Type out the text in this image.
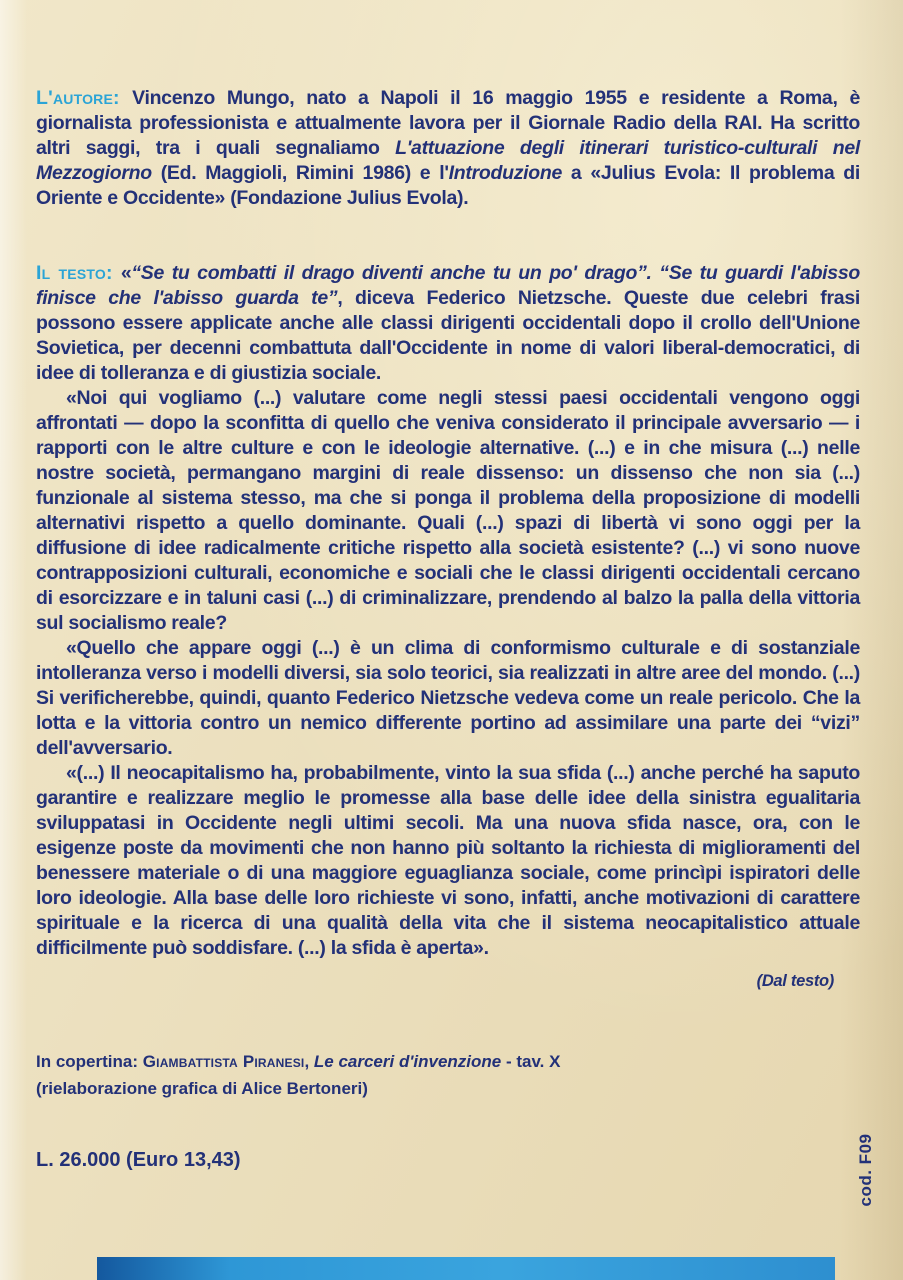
L'autore: Vincenzo Mungo, nato a Napoli il 16 maggio 1955 e residente a Roma, è giornalista professionista e attualmente lavora per il Giornale Radio della RAI. Ha scritto altri saggi, tra i quali segnaliamo L'attuazione degli itinerari turistico-culturali nel Mezzogiorno (Ed. Maggioli, Rimini 1986) e l'Introduzione a «Julius Evola: Il problema di Oriente e Occidente» (Fondazione Julius Evola).

Il testo: «“Se tu combatti il drago diventi anche tu un po' drago”. “Se tu guardi l'abisso finisce che l'abisso guarda te”, diceva Federico Nietzsche. Queste due celebri frasi possono essere applicate anche alle classi dirigenti occidentali dopo il crollo dell'Unione Sovietica, per decenni combattuta dall'Occidente in nome di valori liberal-democratici, di idee di tolleranza e di giustizia sociale.

«Noi qui vogliamo (...) valutare come negli stessi paesi occidentali vengono oggi affrontati — dopo la sconfitta di quello che veniva considerato il principale avversario — i rapporti con le altre culture e con le ideologie alternative. (...) e in che misura (...) nelle nostre società, permangano margini di reale dissenso: un dissenso che non sia (...) funzionale al sistema stesso, ma che si ponga il problema della proposizione di modelli alternativi rispetto a quello dominante. Quali (...) spazi di libertà vi sono oggi per la diffusione di idee radicalmente critiche rispetto alla società esistente? (...) vi sono nuove contrapposizioni culturali, economiche e sociali che le classi dirigenti occidentali cercano di esorcizzare e in taluni casi (...) di criminalizzare, prendendo al balzo la palla della vittoria sul socialismo reale?

«Quello che appare oggi (...) è un clima di conformismo culturale e di sostanziale intolleranza verso i modelli diversi, sia solo teorici, sia realizzati in altre aree del mondo. (...) Si verificherebbe, quindi, quanto Federico Nietzsche vedeva come un reale pericolo. Che la lotta e la vittoria contro un nemico differente portino ad assimilare una parte dei “vizi” dell'avversario.

«(...) Il neocapitalismo ha, probabilmente, vinto la sua sfida (...) anche perché ha saputo garantire e realizzare meglio le promesse alla base delle idee della sinistra egualitaria sviluppatasi in Occidente negli ultimi secoli. Ma una nuova sfida nasce, ora, con le esigenze poste da movimenti che non hanno più soltanto la richiesta di miglioramenti del benessere materiale o di una maggiore eguaglianza sociale, come princìpi ispiratori delle loro ideologie. Alla base delle loro richieste vi sono, infatti, anche motivazioni di carattere spirituale e la ricerca di una qualità della vita che il sistema neocapitalistico attuale difficilmente può soddisfare. (...) la sfida è aperta».

(Dal testo)

In copertina: Giambattista Piranesi, Le carceri d'invenzione - tav. X

(rielaborazione grafica di Alice Bertoneri)

L. 26.000 (Euro 13,43)	cod. F09
